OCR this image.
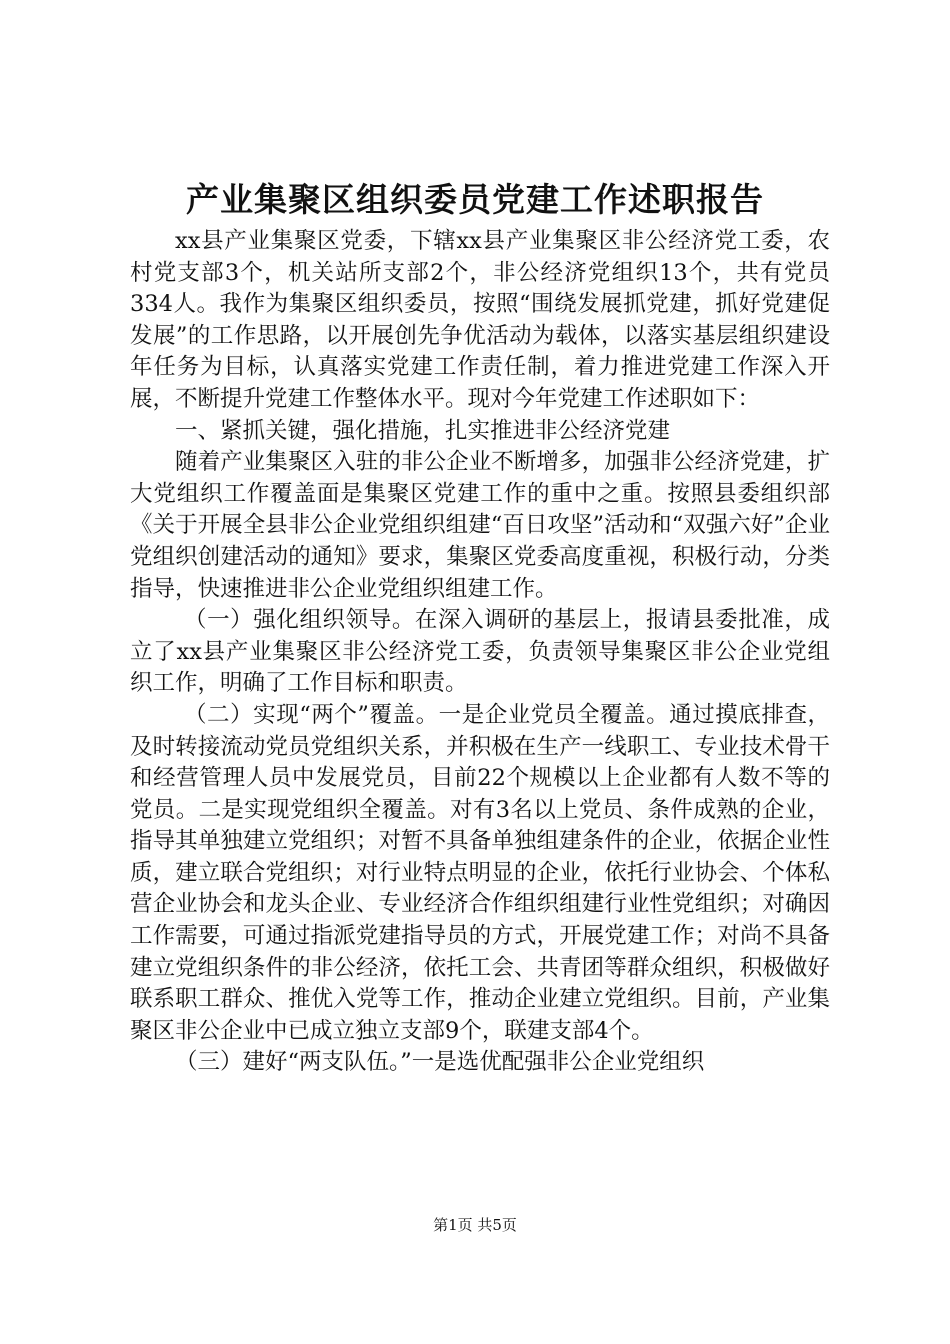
产业集聚区组织委员党建工作述职报告

xx县产业集聚区党委，下辖xx县产业集聚区非公经济党工委，农村党支部3个，机关站所支部2个，非公经济党组织13个，共有党员334人。我作为集聚区组织委员，按照“围绕发展抓党建，抓好党建促发展”的工作思路，以开展创先争优活动为载体，以落实基层组织建设年任务为目标，认真落实党建工作责任制，着力推进党建工作深入开展，不断提升党建工作整体水平。现对今年党建工作述职如下：

一、紧抓关键，强化措施，扎实推进非公经济党建

随着产业集聚区入驻的非公企业不断增多，加强非公经济党建，扩大党组织工作覆盖面是集聚区党建工作的重中之重。按照县委组织部《关于开展全县非公企业党组织组建“百日攻坚”活动和“双强六好”企业党组织创建活动的通知》要求，集聚区党委高度重视，积极行动，分类指导，快速推进非公企业党组织组建工作。

（一）强化组织领导。在深入调研的基层上，报请县委批准，成立了xx县产业集聚区非公经济党工委，负责领导集聚区非公企业党组织工作，明确了工作目标和职责。

（二）实现“两个”覆盖。一是企业党员全覆盖。通过摸底排查，及时转接流动党员党组织关系，并积极在生产一线职工、专业技术骨干和经营管理人员中发展党员，目前22个规模以上企业都有人数不等的党员。二是实现党组织全覆盖。对有3名以上党员、条件成熟的企业，指导其单独建立党组织；对暂不具备单独组建条件的企业，依据企业性质，建立联合党组织；对行业特点明显的企业，依托行业协会、个体私营企业协会和龙头企业、专业经济合作组织组建行业性党组织；对确因工作需要，可通过指派党建指导员的方式，开展党建工作；对尚不具备建立党组织条件的非公经济，依托工会、共青团等群众组织，积极做好联系职工群众、推优入党等工作，推动企业建立党组织。目前，产业集聚区非公企业中已成立独立支部9个，联建支部4个。

（三）建好“两支队伍。”一是选优配强非公企业党组织

第1页 共5页
